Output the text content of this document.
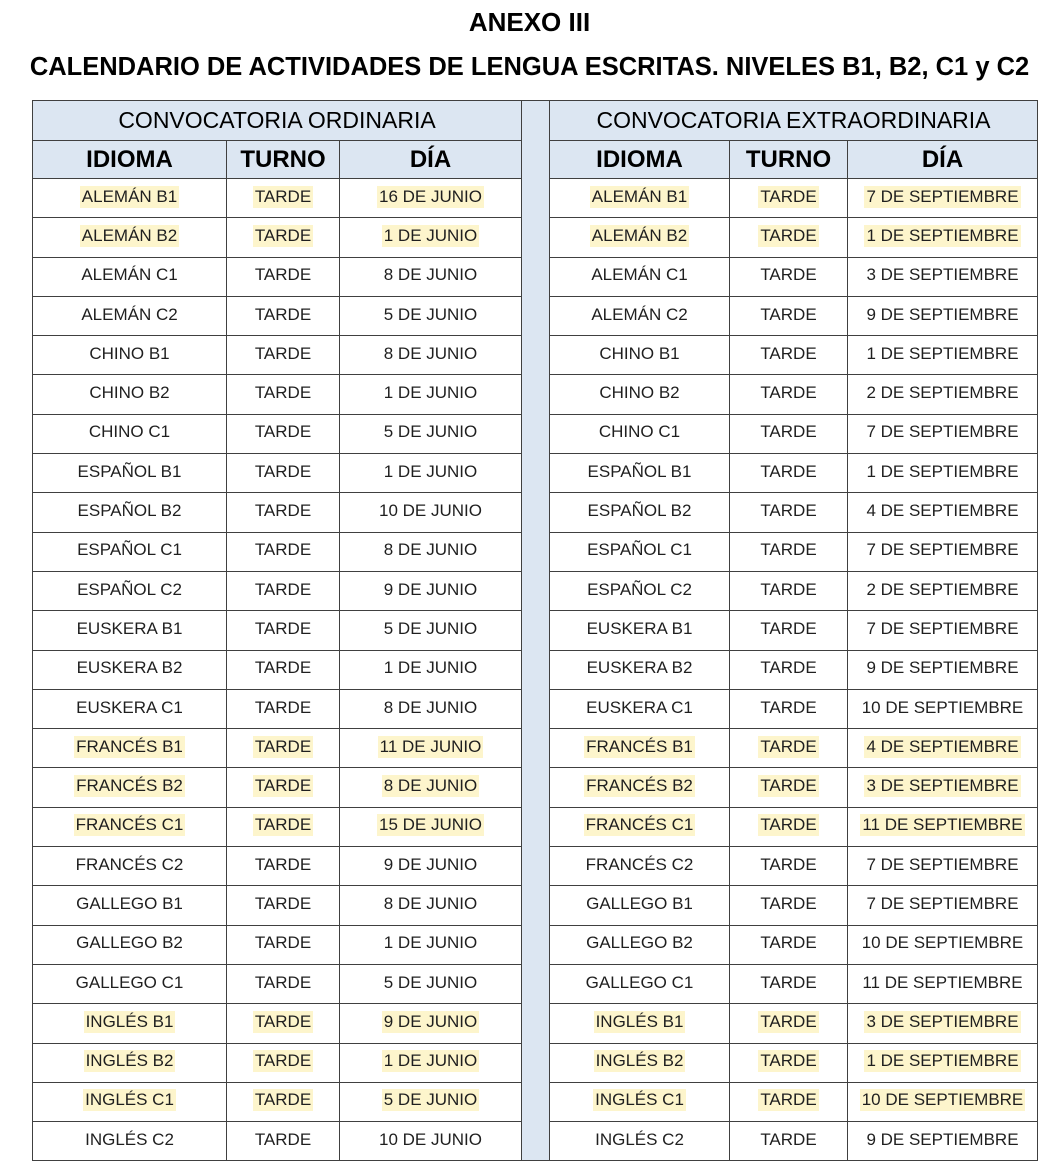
ANEXO III
CALENDARIO DE ACTIVIDADES DE LENGUA ESCRITAS. NIVELES B1, B2, C1 y C2
CONVOCATORIA ORDINARIA	CONVOCATORIA EXTRAORDINARIA
IDIOMA	TURNO	DÍA	IDIOMA	TURNO	DÍA
ALEMÁN B1	TARDE	16 DE JUNIO	ALEMÁN B1	TARDE	7 DE SEPTIEMBRE
ALEMÁN B2	TARDE	1 DE JUNIO	ALEMÁN B2	TARDE	1 DE SEPTIEMBRE
ALEMÁN C1	TARDE	8 DE JUNIO	ALEMÁN C1	TARDE	3 DE SEPTIEMBRE
ALEMÁN C2	TARDE	5 DE JUNIO	ALEMÁN C2	TARDE	9 DE SEPTIEMBRE
CHINO B1	TARDE	8 DE JUNIO	CHINO B1	TARDE	1 DE SEPTIEMBRE
CHINO B2	TARDE	1 DE JUNIO	CHINO B2	TARDE	2 DE SEPTIEMBRE
CHINO C1	TARDE	5 DE JUNIO	CHINO C1	TARDE	7 DE SEPTIEMBRE
ESPAÑOL B1	TARDE	1 DE JUNIO	ESPAÑOL B1	TARDE	1 DE SEPTIEMBRE
ESPAÑOL B2	TARDE	10 DE JUNIO	ESPAÑOL B2	TARDE	4 DE SEPTIEMBRE
ESPAÑOL C1	TARDE	8 DE JUNIO	ESPAÑOL C1	TARDE	7 DE SEPTIEMBRE
ESPAÑOL C2	TARDE	9 DE JUNIO	ESPAÑOL C2	TARDE	2 DE SEPTIEMBRE
EUSKERA B1	TARDE	5 DE JUNIO	EUSKERA B1	TARDE	7 DE SEPTIEMBRE
EUSKERA B2	TARDE	1 DE JUNIO	EUSKERA B2	TARDE	9 DE SEPTIEMBRE
EUSKERA C1	TARDE	8 DE JUNIO	EUSKERA C1	TARDE	10 DE SEPTIEMBRE
FRANCÉS B1	TARDE	11 DE JUNIO	FRANCÉS B1	TARDE	4 DE SEPTIEMBRE
FRANCÉS B2	TARDE	8 DE JUNIO	FRANCÉS B2	TARDE	3 DE SEPTIEMBRE
FRANCÉS C1	TARDE	15 DE JUNIO	FRANCÉS C1	TARDE	11 DE SEPTIEMBRE
FRANCÉS C2	TARDE	9 DE JUNIO	FRANCÉS C2	TARDE	7 DE SEPTIEMBRE
GALLEGO B1	TARDE	8 DE JUNIO	GALLEGO B1	TARDE	7 DE SEPTIEMBRE
GALLEGO B2	TARDE	1 DE JUNIO	GALLEGO B2	TARDE	10 DE SEPTIEMBRE
GALLEGO C1	TARDE	5 DE JUNIO	GALLEGO C1	TARDE	11 DE SEPTIEMBRE
INGLÉS B1	TARDE	9 DE JUNIO	INGLÉS B1	TARDE	3 DE SEPTIEMBRE
INGLÉS B2	TARDE	1 DE JUNIO	INGLÉS B2	TARDE	1 DE SEPTIEMBRE
INGLÉS C1	TARDE	5 DE JUNIO	INGLÉS C1	TARDE	10 DE SEPTIEMBRE
INGLÉS C2	TARDE	10 DE JUNIO	INGLÉS C2	TARDE	9 DE SEPTIEMBRE
